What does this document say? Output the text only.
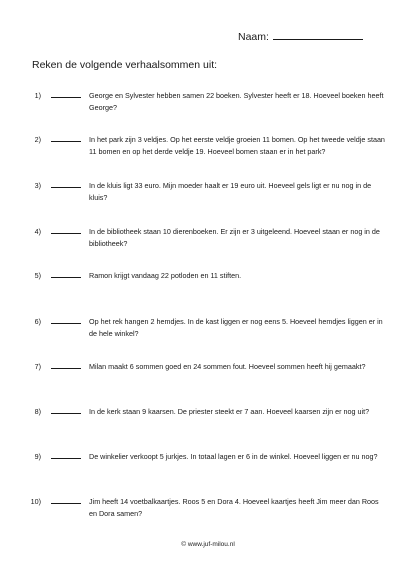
Naam:
Reken de volgende verhaalsommen uit:
1)	George en Sylvester hebben samen 22 boeken. Sylvester heeft er 18. Hoeveel boeken heeft George?
2)	In het park zijn 3 veldjes. Op het eerste veldje groeien 11 bomen. Op het tweede veldje staan 11 bomen en op het derde veldje 19. Hoeveel bomen staan er in het park?
3)	In de kluis ligt 33 euro. Mijn moeder haalt er 19 euro uit. Hoeveel gels ligt er nu nog in de kluis?
4)	In de bibliotheek staan 10 dierenboeken. Er zijn er 3 uitgeleend. Hoeveel staan er nog in de bibliotheek?
5)	Ramon krijgt vandaag 22 potloden en 11 stiften.
6)	Op het rek hangen 2 hemdjes. In de kast liggen er nog eens 5. Hoeveel hemdjes liggen er in de hele winkel?
7)	Milan maakt 6 sommen goed en 24 sommen fout. Hoeveel sommen heeft hij gemaakt?
8)	In de kerk staan 9 kaarsen. De priester steekt er 7 aan. Hoeveel kaarsen zijn er nog uit?
9)	De winkelier verkoopt 5 jurkjes. In totaal lagen er 6 in de winkel. Hoeveel liggen er nu nog?
10)	Jim heeft 14 voetbalkaartjes. Roos 5 en Dora 4. Hoeveel kaartjes heeft Jim meer dan Roos en Dora samen?
© www.juf-milou.nl
